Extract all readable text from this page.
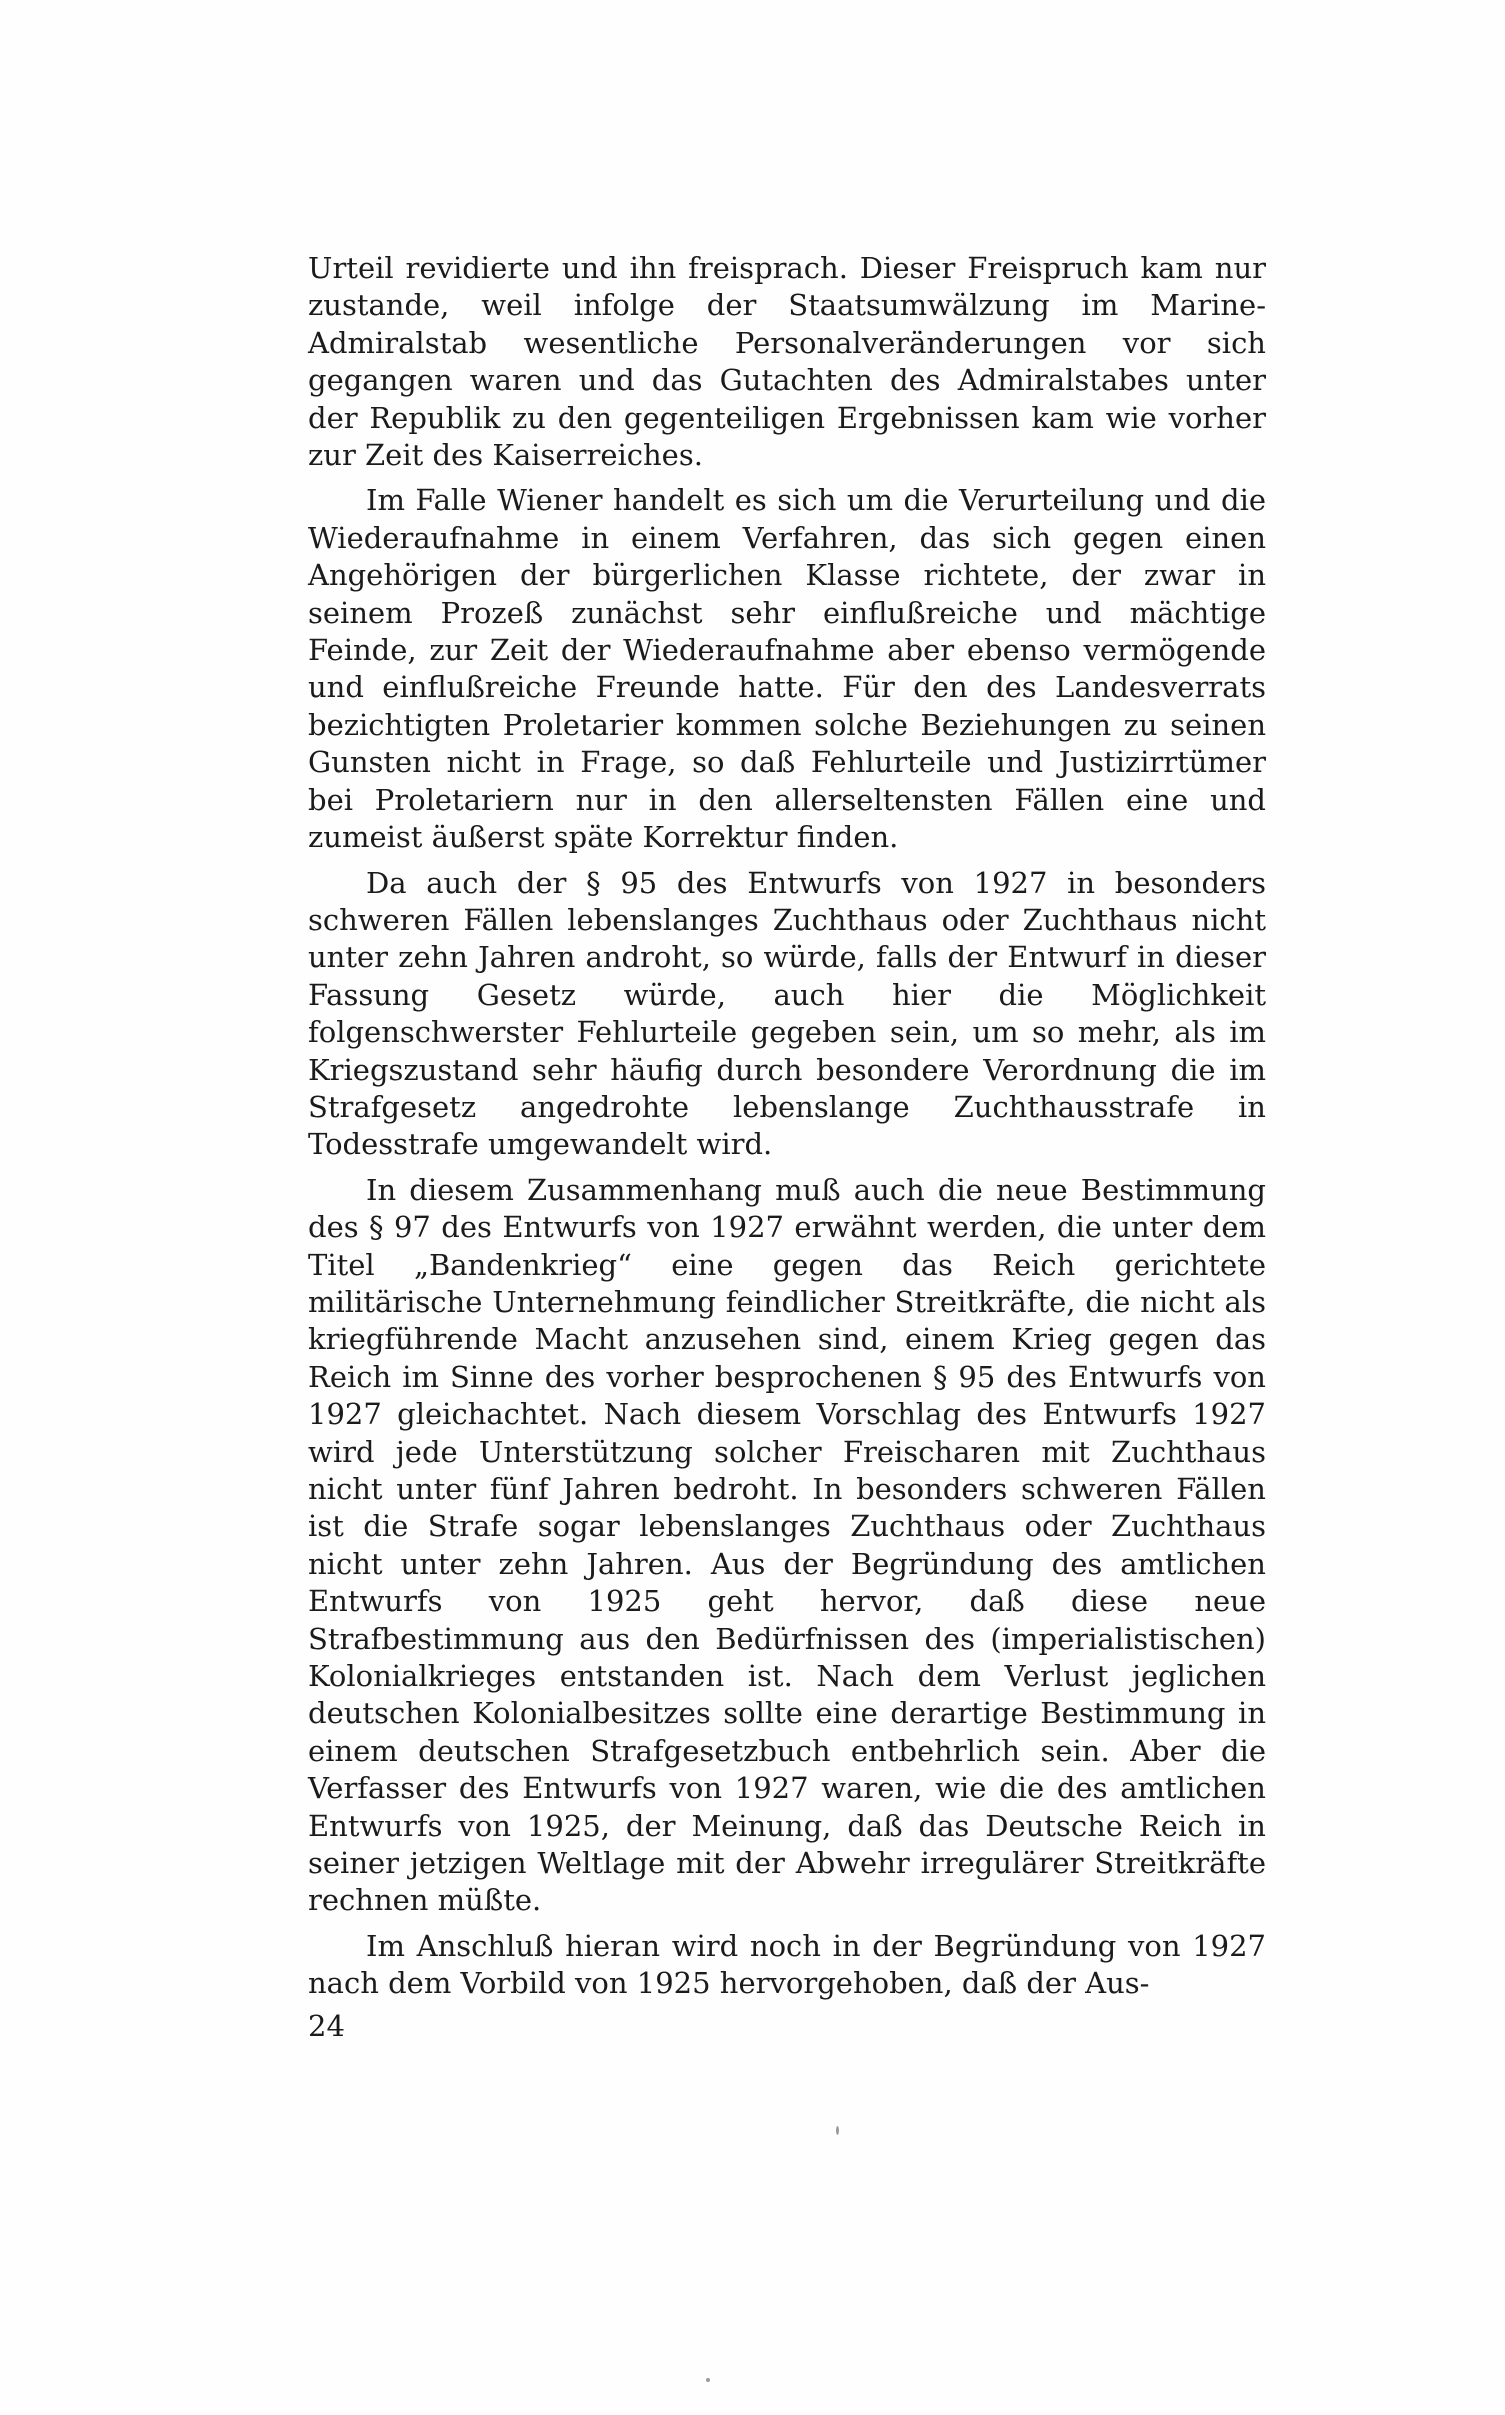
Urteil revidierte und ihn freisprach. Dieser Freispruch kam nur zustande, weil infolge der Staatsumwälzung im Marine-Admiralstab wesentliche Personalveränderungen vor sich gegangen waren und das Gutachten des Admiralstabes unter der Republik zu den gegenteiligen Ergebnissen kam wie vorher zur Zeit des Kaiserreiches.

Im Falle Wiener handelt es sich um die Verurteilung und die Wiederaufnahme in einem Verfahren, das sich gegen einen Angehörigen der bürgerlichen Klasse richtete, der zwar in seinem Prozeß zunächst sehr einflußreiche und mächtige Feinde, zur Zeit der Wiederaufnahme aber ebenso vermögende und einflußreiche Freunde hatte. Für den des Landesverrats bezichtigten Proletarier kommen solche Beziehungen zu seinen Gunsten nicht in Frage, so daß Fehlurteile und Justizirrtümer bei Proletariern nur in den allerseltensten Fällen eine und zumeist äußerst späte Korrektur finden.

Da auch der § 95 des Entwurfs von 1927 in besonders schweren Fällen lebenslanges Zuchthaus oder Zuchthaus nicht unter zehn Jahren androht, so würde, falls der Entwurf in dieser Fassung Gesetz würde, auch hier die Möglichkeit folgenschwerster Fehlurteile gegeben sein, um so mehr, als im Kriegszustand sehr häufig durch besondere Verordnung die im Strafgesetz angedrohte lebenslange Zuchthausstrafe in Todesstrafe umgewandelt wird.

In diesem Zusammenhang muß auch die neue Bestimmung des § 97 des Entwurfs von 1927 erwähnt werden, die unter dem Titel „Bandenkrieg“ eine gegen das Reich gerichtete militärische Unternehmung feindlicher Streitkräfte, die nicht als kriegführende Macht anzusehen sind, einem Krieg gegen das Reich im Sinne des vorher besprochenen § 95 des Entwurfs von 1927 gleichachtet. Nach diesem Vorschlag des Entwurfs 1927 wird jede Unterstützung solcher Freischaren mit Zuchthaus nicht unter fünf Jahren bedroht. In besonders schweren Fällen ist die Strafe sogar lebenslanges Zuchthaus oder Zuchthaus nicht unter zehn Jahren. Aus der Begründung des amtlichen Entwurfs von 1925 geht hervor, daß diese neue Strafbestimmung aus den Bedürfnissen des (imperialistischen) Kolonialkrieges entstanden ist. Nach dem Verlust jeglichen deutschen Kolonialbesitzes sollte eine derartige Bestimmung in einem deutschen Strafgesetzbuch entbehrlich sein. Aber die Verfasser des Entwurfs von 1927 waren, wie die des amtlichen Entwurfs von 1925, der Meinung, daß das Deutsche Reich in seiner jetzigen Weltlage mit der Abwehr irregulärer Streitkräfte rechnen müßte.

Im Anschluß hieran wird noch in der Begründung von 1927 nach dem Vorbild von 1925 hervorgehoben, daß der Aus-

24
